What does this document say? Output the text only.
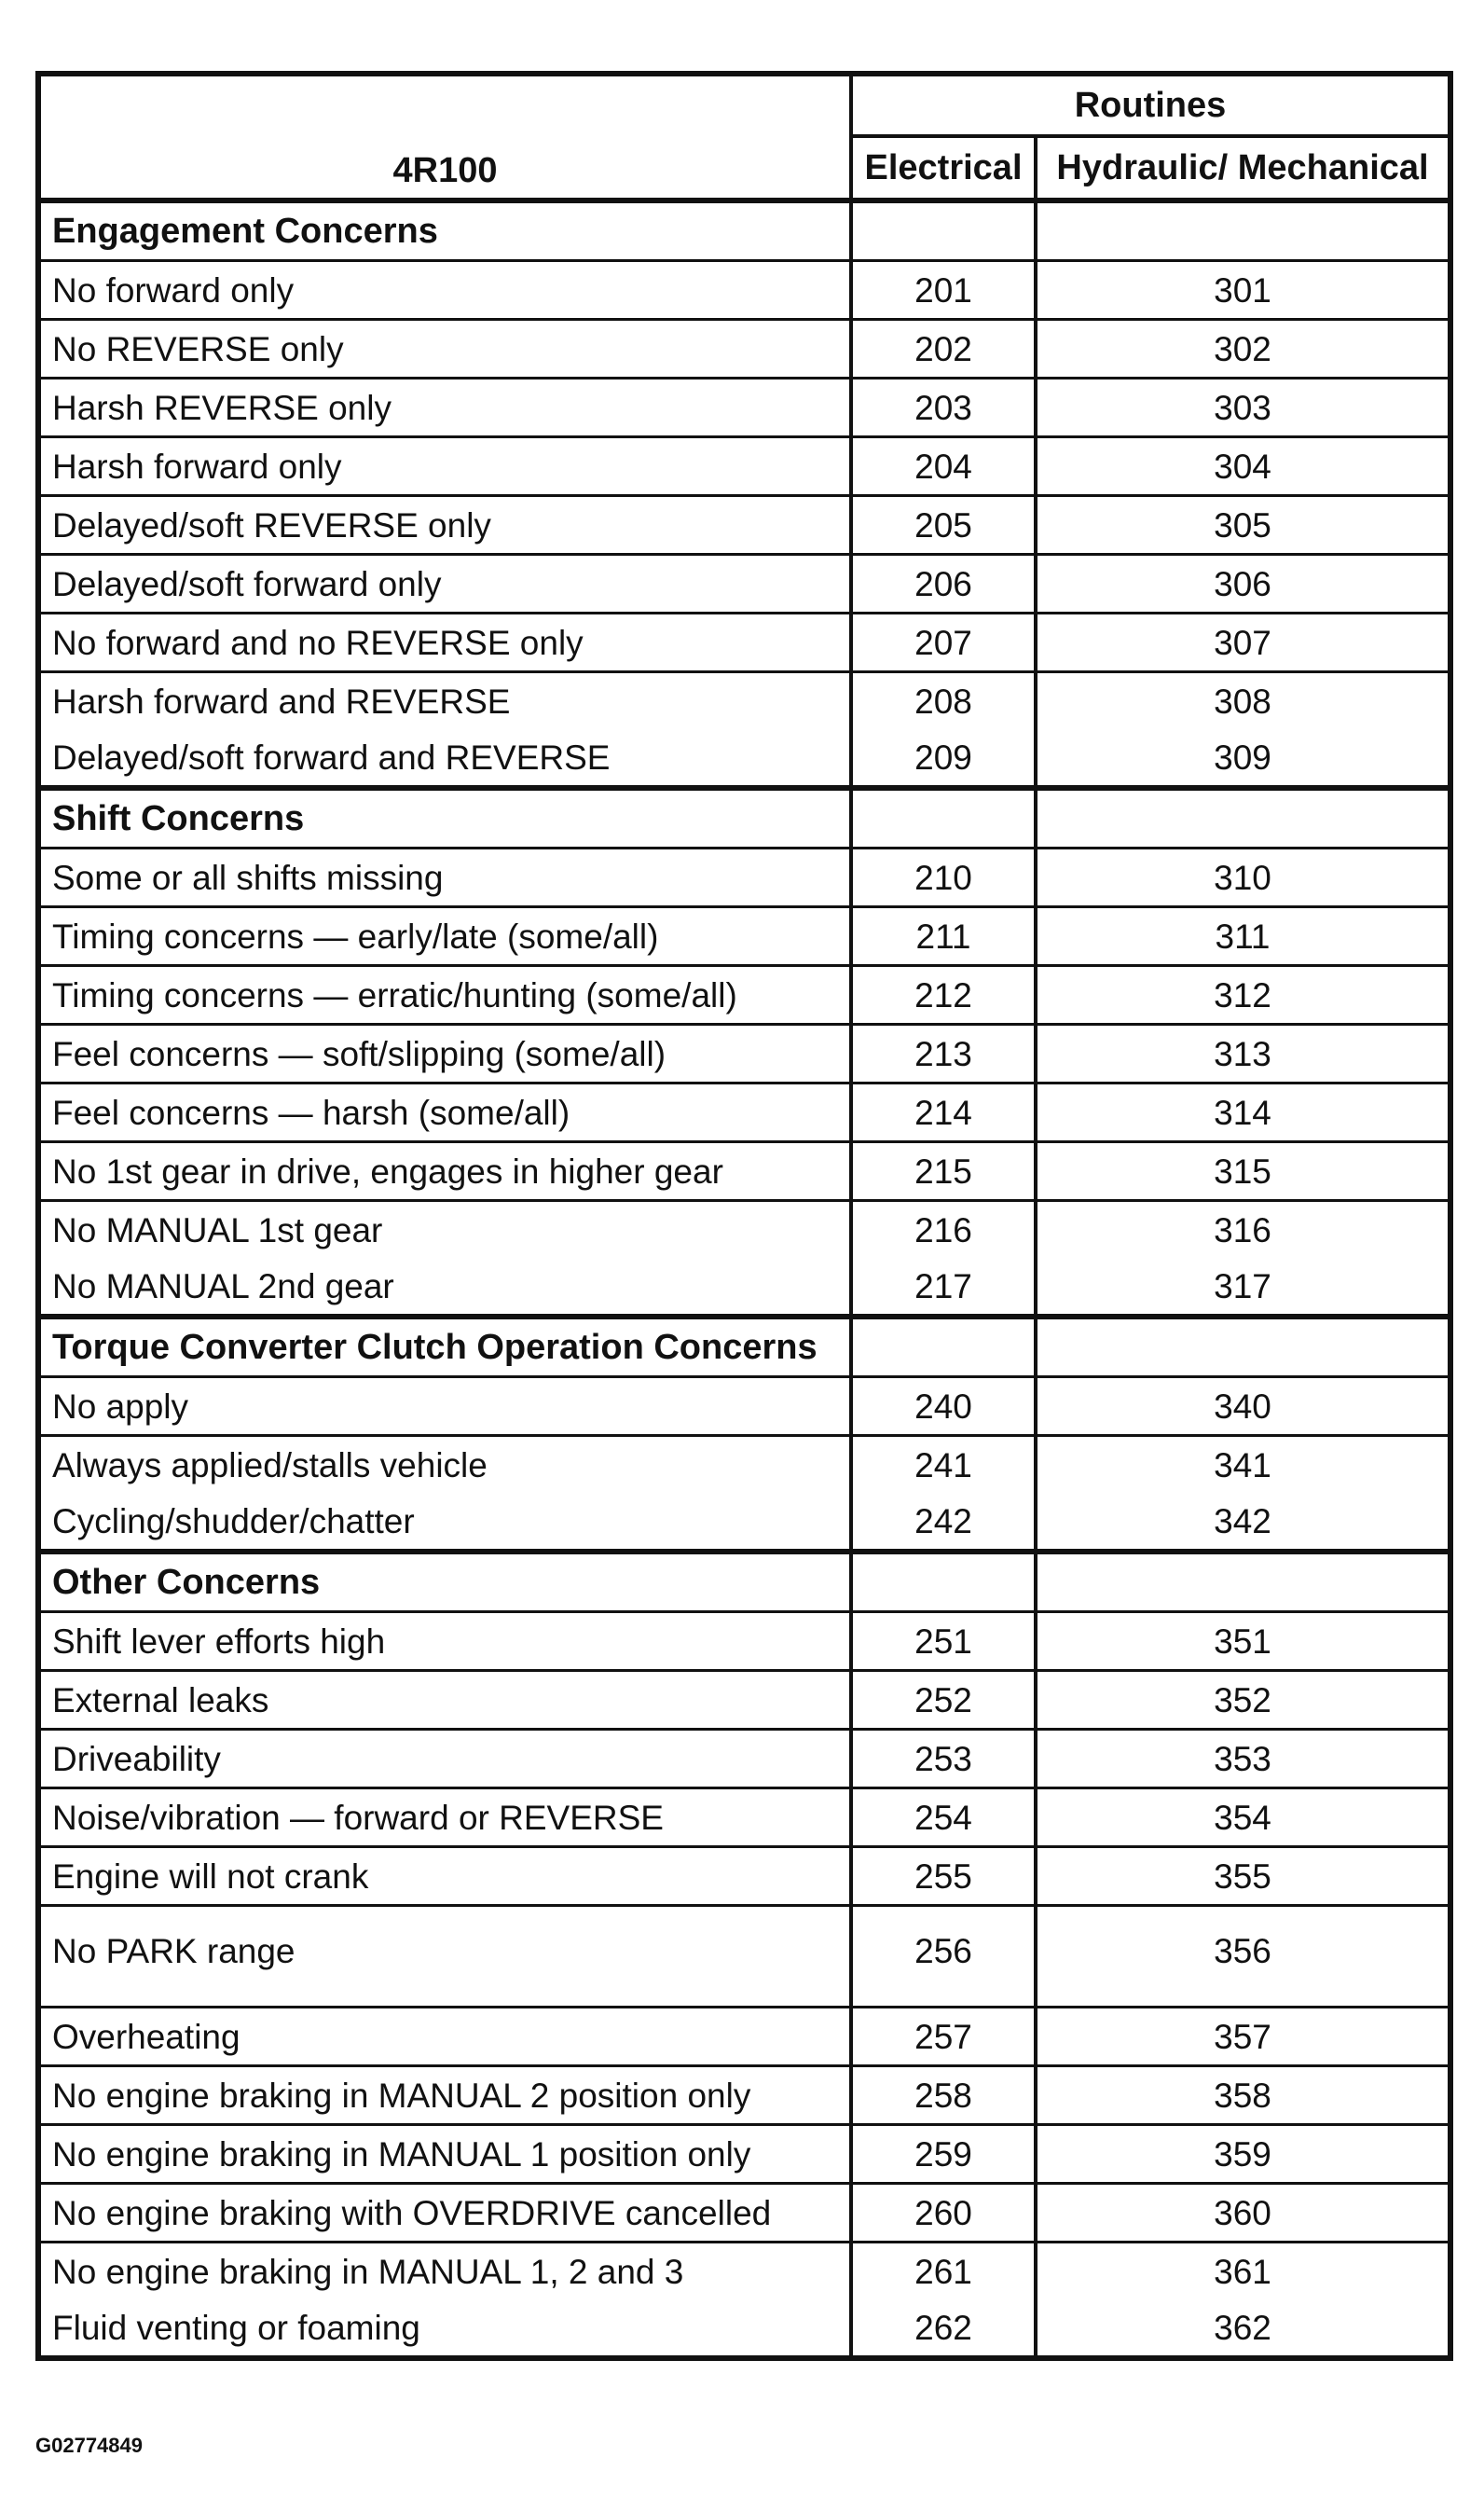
4R100	Routines	
	Electrical	Hydraulic/ Mechanical
Engagement Concerns		
No forward only	201	301
No REVERSE only	202	302
Harsh REVERSE only	203	303
Harsh forward only	204	304
Delayed/soft REVERSE only	205	305
Delayed/soft forward only	206	306
No forward and no REVERSE only	207	307
Harsh forward and REVERSE	208	308
Delayed/soft forward and REVERSE	209	309
Shift Concerns		
Some or all shifts missing	210	310
Timing concerns — early/late (some/all)	211	311
Timing concerns — erratic/hunting (some/all)	212	312
Feel concerns — soft/slipping (some/all)	213	313
Feel concerns — harsh (some/all)	214	314
No 1st gear in drive, engages in higher gear	215	315
No MANUAL 1st gear	216	316
No MANUAL 2nd gear	217	317
Torque Converter Clutch Operation Concerns		
No apply	240	340
Always applied/stalls vehicle	241	341
Cycling/shudder/chatter	242	342
Other Concerns		
Shift lever efforts high	251	351
External leaks	252	352
Driveability	253	353
Noise/vibration — forward or REVERSE	254	354
Engine will not crank	255	355
No PARK range	256	356
Overheating	257	357
No engine braking in MANUAL 2 position only	258	358
No engine braking in MANUAL 1 position only	259	359
No engine braking with OVERDRIVE cancelled	260	360
No engine braking in MANUAL 1, 2 and 3	261	361
Fluid venting or foaming	262	362
G02774849
